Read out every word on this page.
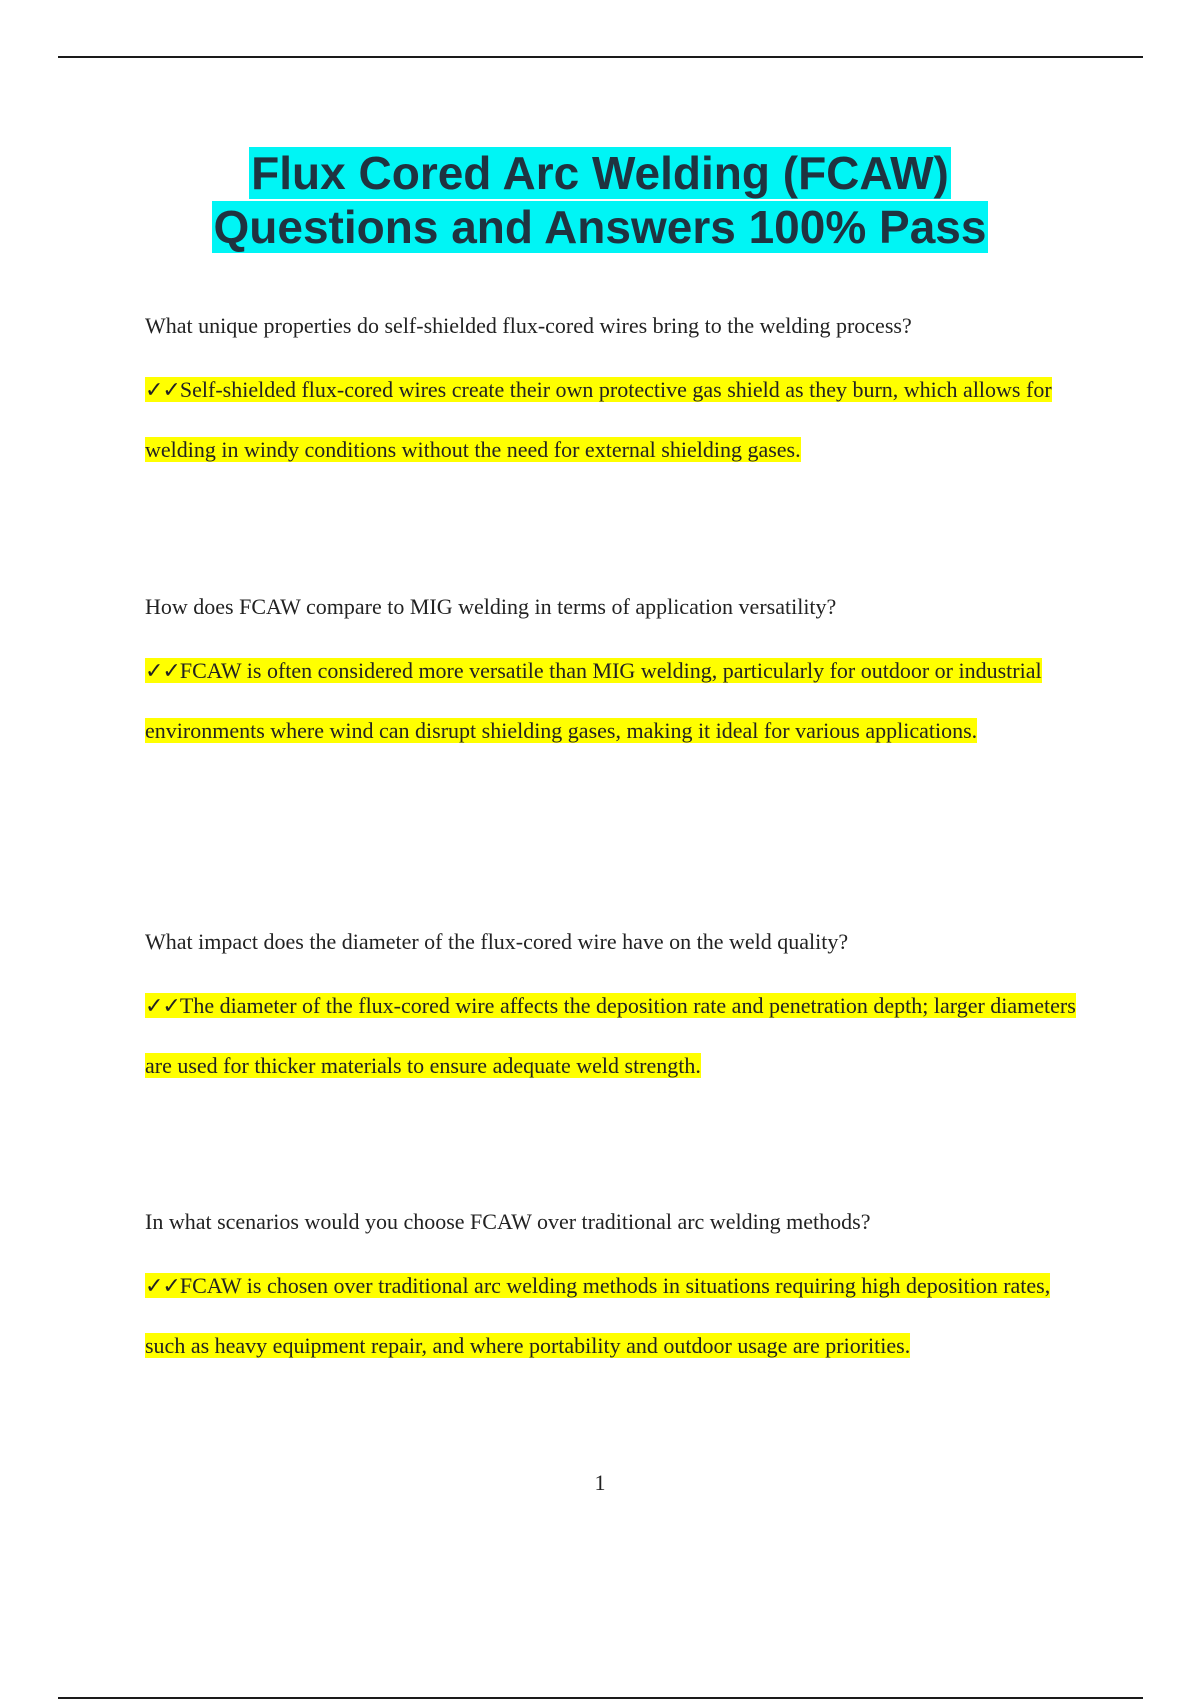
Flux Cored Arc Welding (FCAW)
Questions and Answers 100% Pass

What unique properties do self-shielded flux-cored wires bring to the welding process?

✓✓Self-shielded flux-cored wires create their own protective gas shield as they burn, which allows for welding in windy conditions without the need for external shielding gases.

How does FCAW compare to MIG welding in terms of application versatility?

✓✓FCAW is often considered more versatile than MIG welding, particularly for outdoor or industrial environments where wind can disrupt shielding gases, making it ideal for various applications.

What impact does the diameter of the flux-cored wire have on the weld quality?

✓✓The diameter of the flux-cored wire affects the deposition rate and penetration depth; larger diameters are used for thicker materials to ensure adequate weld strength.

In what scenarios would you choose FCAW over traditional arc welding methods?

✓✓FCAW is chosen over traditional arc welding methods in situations requiring high deposition rates, such as heavy equipment repair, and where portability and outdoor usage are priorities.

1
